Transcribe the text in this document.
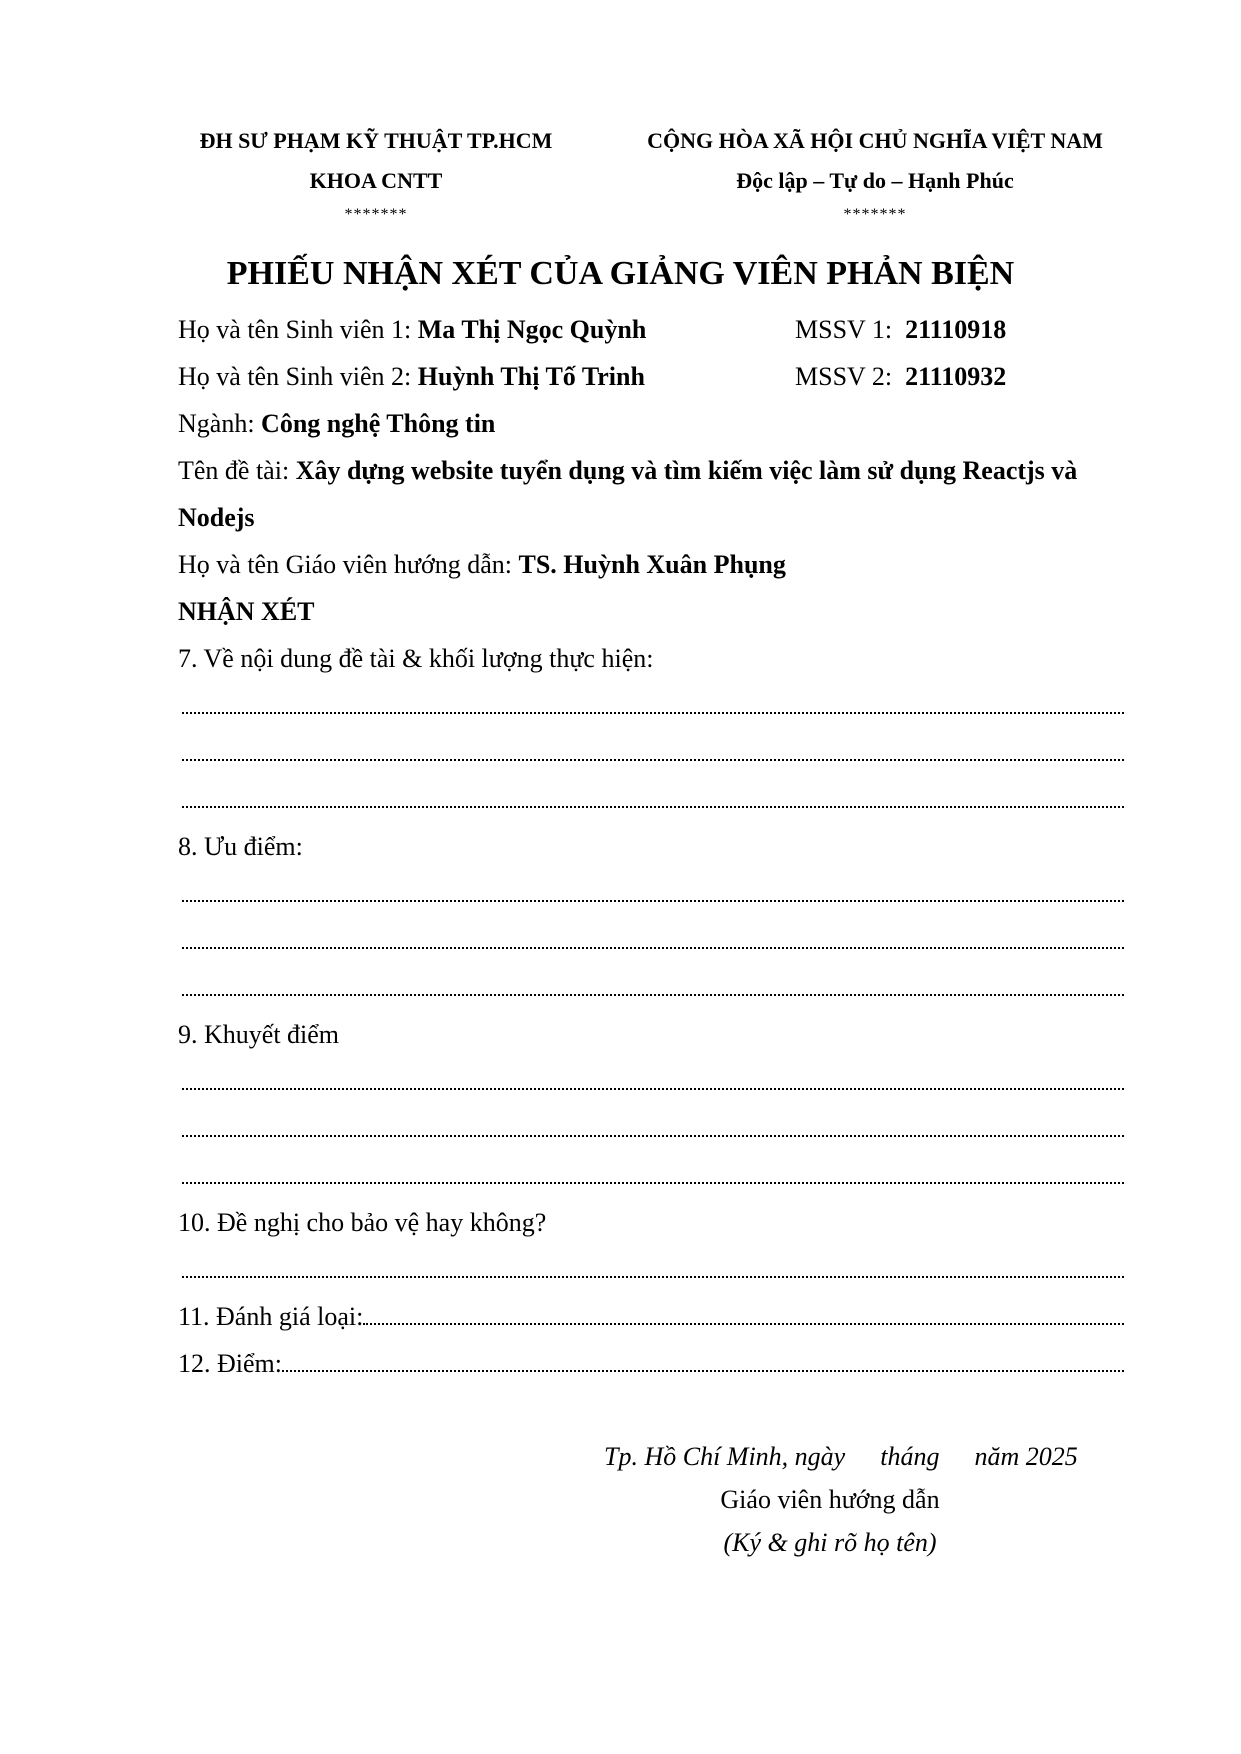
ĐH SƯ PHẠM KỸ THUẬT TP.HCM
KHOA CNTT
*******
CỘNG HÒA XÃ HỘI CHỦ NGHĨA VIỆT NAM
Độc lập – Tự do – Hạnh Phúc
*******
PHIẾU NHẬN XÉT CỦA GIẢNG VIÊN PHẢN BIỆN
Họ và tên Sinh viên 1: Ma Thị Ngọc Quỳnh	MSSV 1: 21110918
Họ và tên Sinh viên 2: Huỳnh Thị Tố Trinh	MSSV 2: 21110932
Ngành: Công nghệ Thông tin
Tên đề tài: Xây dựng website tuyển dụng và tìm kiếm việc làm sử dụng Reactjs và
Nodejs
Họ và tên Giáo viên hướng dẫn: TS. Huỳnh Xuân Phụng
NHẬN XÉT
7. Về nội dung đề tài & khối lượng thực hiện:
8. Ưu điểm:
9. Khuyết điểm
10. Đề nghị cho bảo vệ hay không?
11. Đánh giá loại:
12. Điểm:
Tp. Hồ Chí Minh, ngày tháng năm 2025
Giáo viên hướng dẫn
(Ký & ghi rõ họ tên)
